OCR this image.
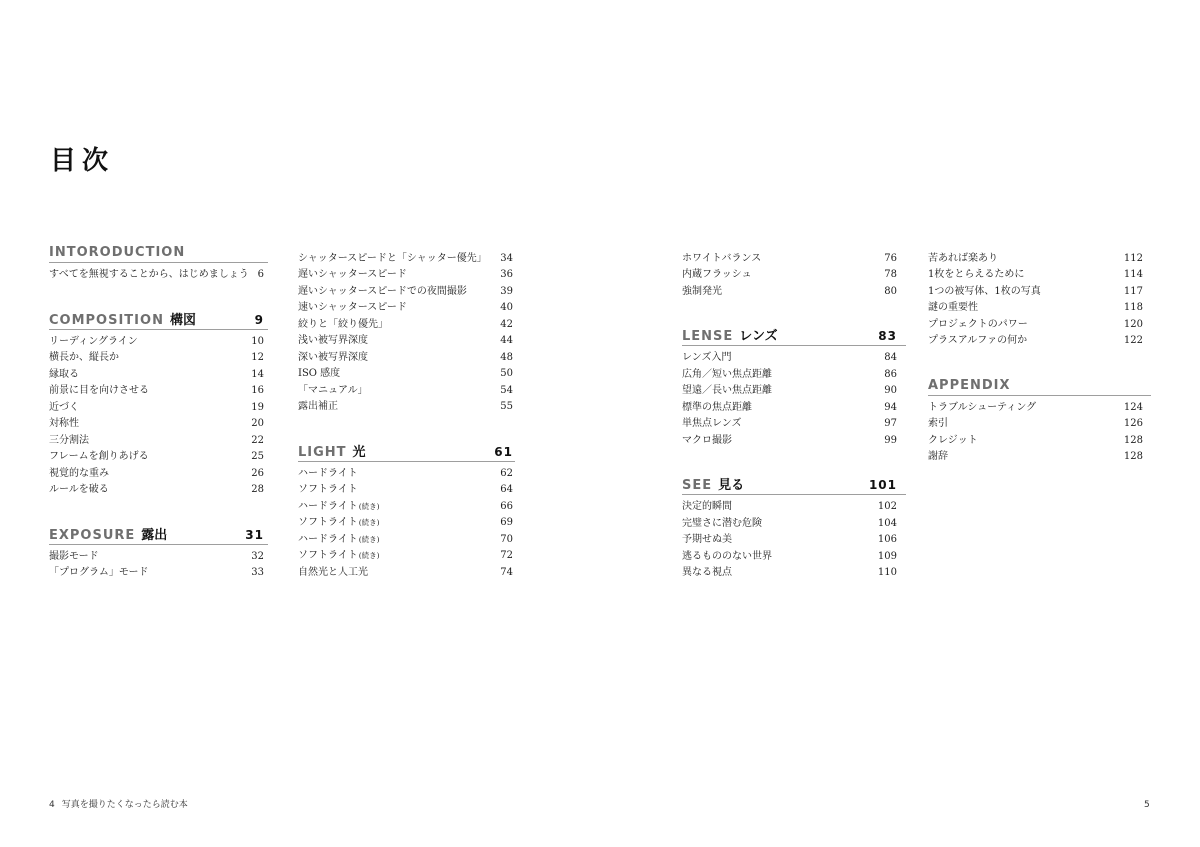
目次
INTORODUCTION
すべてを無視することから、はじめましょう 6
COMPOSITION 構図	9
リーディングライン	10
横長か、縦長か	12
縁取る	14
前景に目を向けさせる	16
近づく	19
対称性	20
三分割法	22
フレームを創りあげる	25
視覚的な重み	26
ルールを破る	28
EXPOSURE 露出	31
撮影モード	32
「プログラム」モード	33
シャッタースピードと「シャッター優先」 34
遅いシャッタースピード	36
遅いシャッタースピードでの夜間撮影	39
速いシャッタースピード	40
絞りと「絞り優先」	42
浅い被写界深度	44
深い被写界深度	48
ISO 感度	50
「マニュアル」	54
露出補正	55
LIGHT 光	61
ハードライト	62
ソフトライト	64
ハードライト(続き)	66
ソフトライト(続き)	69
ハードライト(続き)	70
ソフトライト(続き)	72
自然光と人工光	74
ホワイトバランス	76
内蔵フラッシュ	78
強制発光	80
LENSE レンズ	83
レンズ入門	84
広角／短い焦点距離	86
望遠／長い焦点距離	90
標準の焦点距離	94
単焦点レンズ	97
マクロ撮影	99
SEE 見る	101
決定的瞬間	102
完璧さに潜む危険	104
予期せぬ美	106
逃るもののない世界	109
異なる視点	110
苦あれば楽あり	112
1枚をとらえるために	114
1つの被写体、1枚の写真	117
謎の重要性	118
プロジェクトのパワー	120
プラスアルファの何か	122
APPENDIX
トラブルシューティング	124
索引	126
クレジット	128
謝辞	128
4 写真を撮りたくなったら読む本	5
